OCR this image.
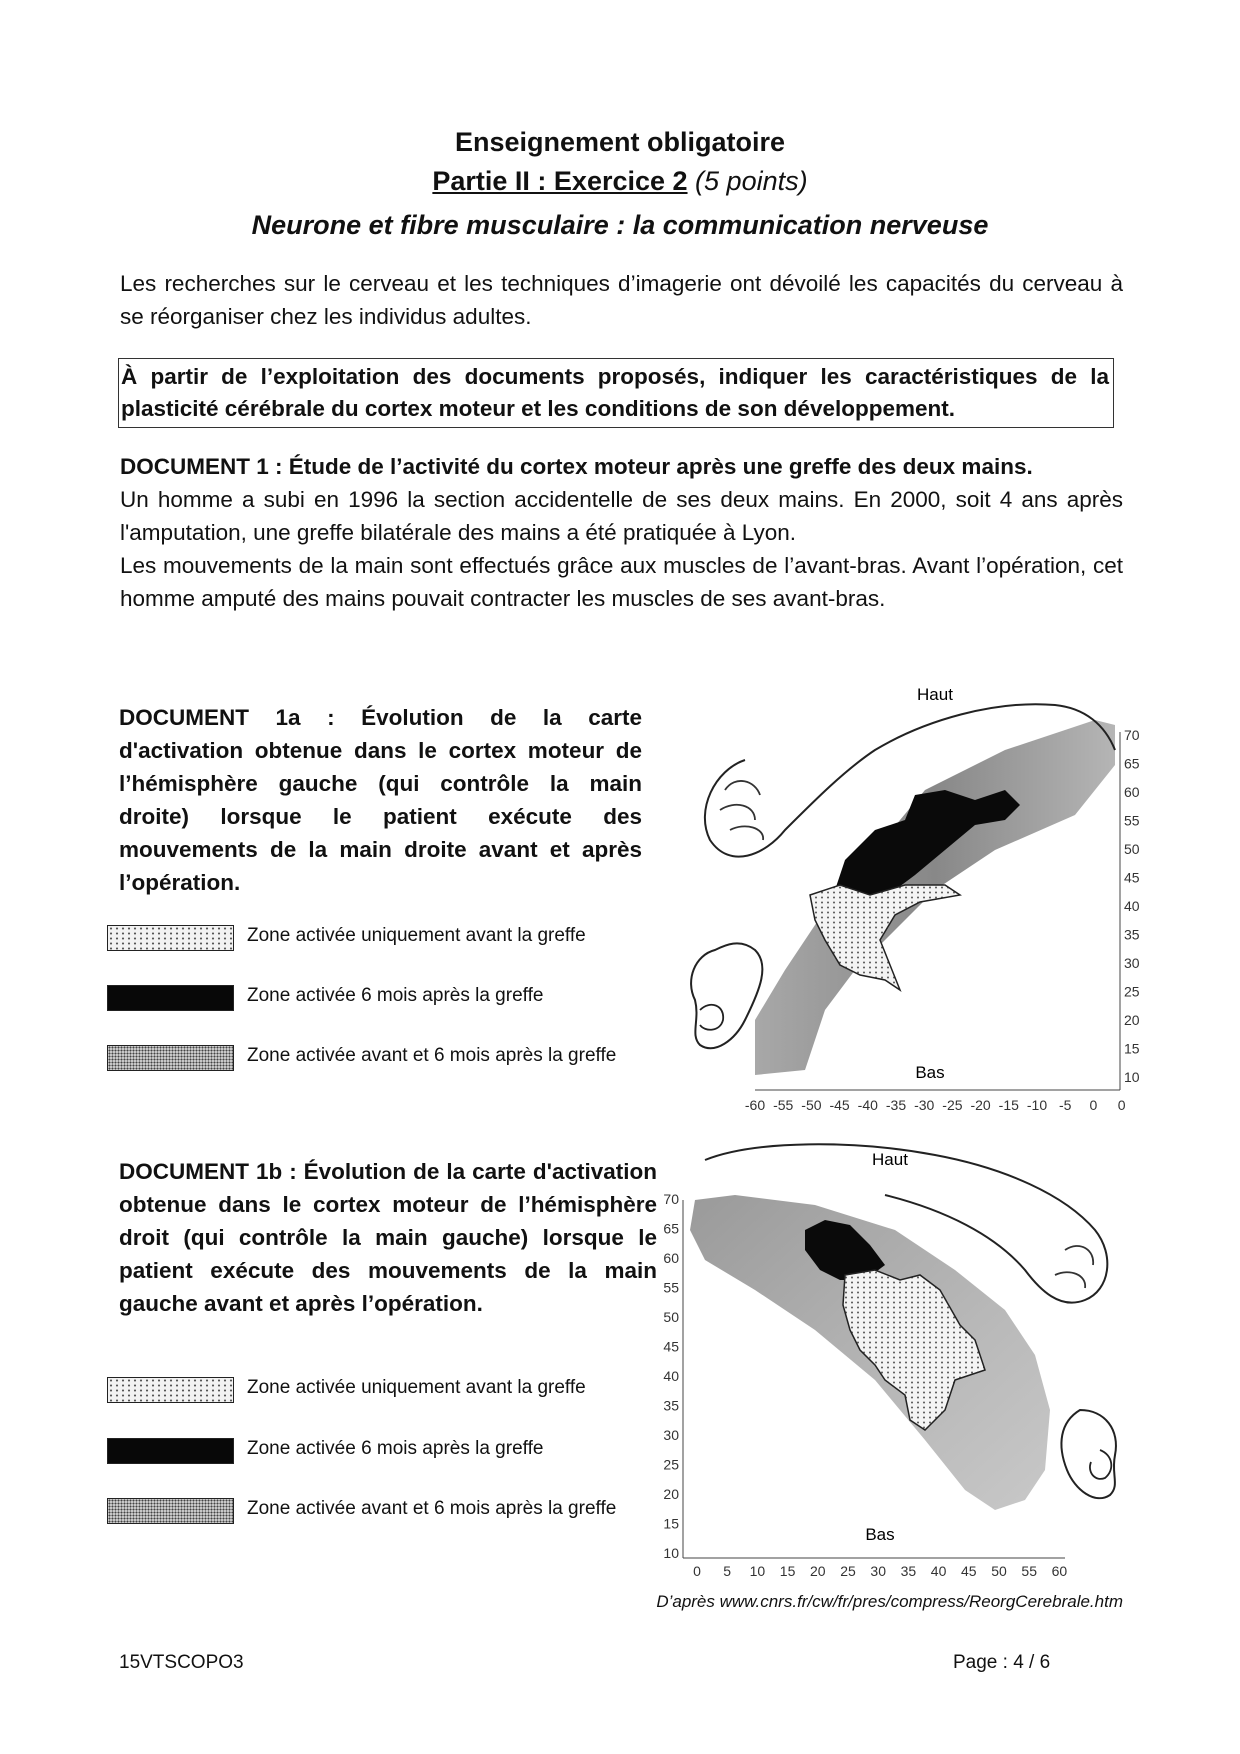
Enseignement obligatoire
Partie II : Exercice 2 (5 points)
Neurone et fibre musculaire : la communication nerveuse
Les recherches sur le cerveau et les techniques d’imagerie ont dévoilé les capacités du cerveau à se réorganiser chez les individus adultes.

À partir de l’exploitation des documents proposés, indiquer les caractéristiques de la plasticité cérébrale du cortex moteur et les conditions de son développement.

DOCUMENT 1 : Étude de l’activité du cortex moteur après une greffe des deux mains.
Un homme a subi en 1996 la section accidentelle de ses deux mains. En 2000, soit 4 ans après l'amputation, une greffe bilatérale des mains a été pratiquée à Lyon.
Les mouvements de la main sont effectués grâce aux muscles de l’avant-bras. Avant l’opération, cet homme amputé des mains pouvait contracter les muscles de ses avant-bras.
DOCUMENT 1a : Évolution de la carte d'activation obtenue dans le cortex moteur de l’hémisphère gauche (qui contrôle la main droite) lorsque le patient exécute des mouvements de la main droite avant et après l’opération.
Zone activée uniquement avant la greffe
Zone activée 6 mois après la greffe
Zone activée avant et 6 mois après la greffe
Haut
Bas
70
65
60
55
50
45
40
35
30
25
20
15
10
-60 -55 -50 -45 -40 -35 -30 -25 -20 -15 -10 -5 0 0
DOCUMENT 1b : Évolution de la carte d'activation obtenue dans le cortex moteur de l’hémisphère droit (qui contrôle la main gauche) lorsque le patient exécute des mouvements de la main gauche avant et après l’opération.
Zone activée uniquement avant la greffe
Zone activée 6 mois après la greffe
Zone activée avant et 6 mois après la greffe
Haut
Bas
70
65
60
55
50
45
40
35
30
25
20
15
10
0 5 10 15 20 25 30 35 40 45 50 55 60
D’après www.cnrs.fr/cw/fr/pres/compress/ReorgCerebrale.htm
15VTSCOPO3	Page : 4 / 6
